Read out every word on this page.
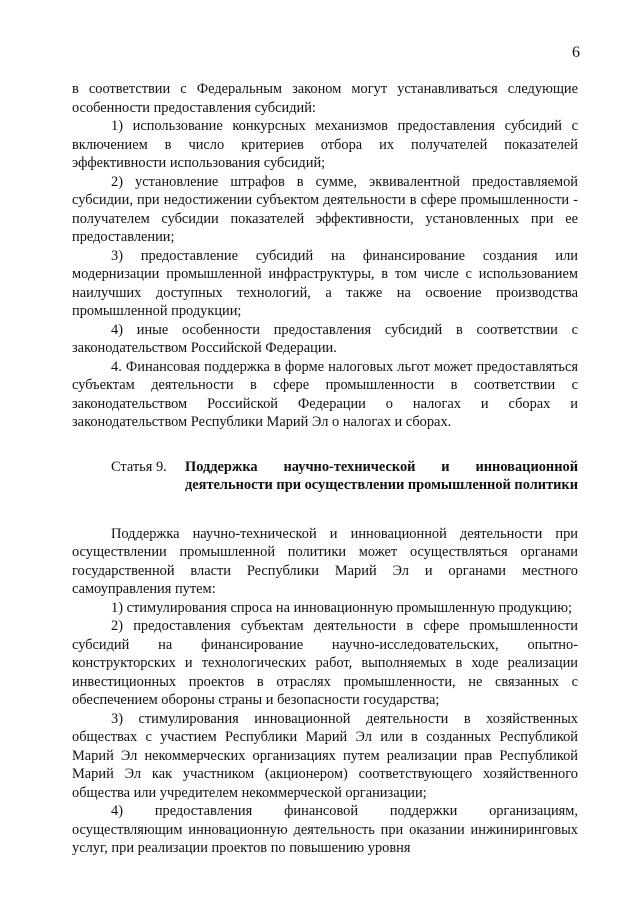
6

в соответствии с Федеральным законом могут устанавливаться следующие особенности предоставления субсидий:

1) использование конкурсных механизмов предоставления субсидий с включением в число критериев отбора их получателей показателей эффективности использования субсидий;

2) установление штрафов в сумме, эквивалентной предоставляемой субсидии, при недостижении субъектом деятельности в сфере промышленности - получателем субсидии показателей эффективности, установленных при ее предоставлении;

3) предоставление субсидий на финансирование создания или модернизации промышленной инфраструктуры, в том числе с использованием наилучших доступных технологий, а также на освоение производства промышленной продукции;

4) иные особенности предоставления субсидий в соответствии с законодательством Российской Федерации.

4. Финансовая поддержка в форме налоговых льгот может предоставляться субъектам деятельности в сфере промышленности в соответствии с законодательством Российской Федерации о налогах и сборах и законодательством Республики Марий Эл о налогах и сборах.

Статья 9.	Поддержка научно-технической и инновационной деятельности при осуществлении промышленной политики

Поддержка научно-технической и инновационной деятельности при осуществлении промышленной политики может осуществляться органами государственной власти Республики Марий Эл и органами местного самоуправления путем:

1) стимулирования спроса на инновационную промышленную продукцию;

2) предоставления субъектам деятельности в сфере промышленности субсидий на финансирование научно-исследовательских, опытно-конструкторских и технологических работ, выполняемых в ходе реализации инвестиционных проектов в отраслях промышленности, не связанных с обеспечением обороны страны и безопасности государства;

3) стимулирования инновационной деятельности в хозяйственных обществах с участием Республики Марий Эл или в созданных Республикой Марий Эл некоммерческих организациях путем реализации прав Республикой Марий Эл как участником (акционером) соответствующего хозяйственного общества или учредителем некоммерческой организации;

4) предоставления финансовой поддержки организациям, осуществляющим инновационную деятельность при оказании инжиниринговых услуг, при реализации проектов по повышению уровня
